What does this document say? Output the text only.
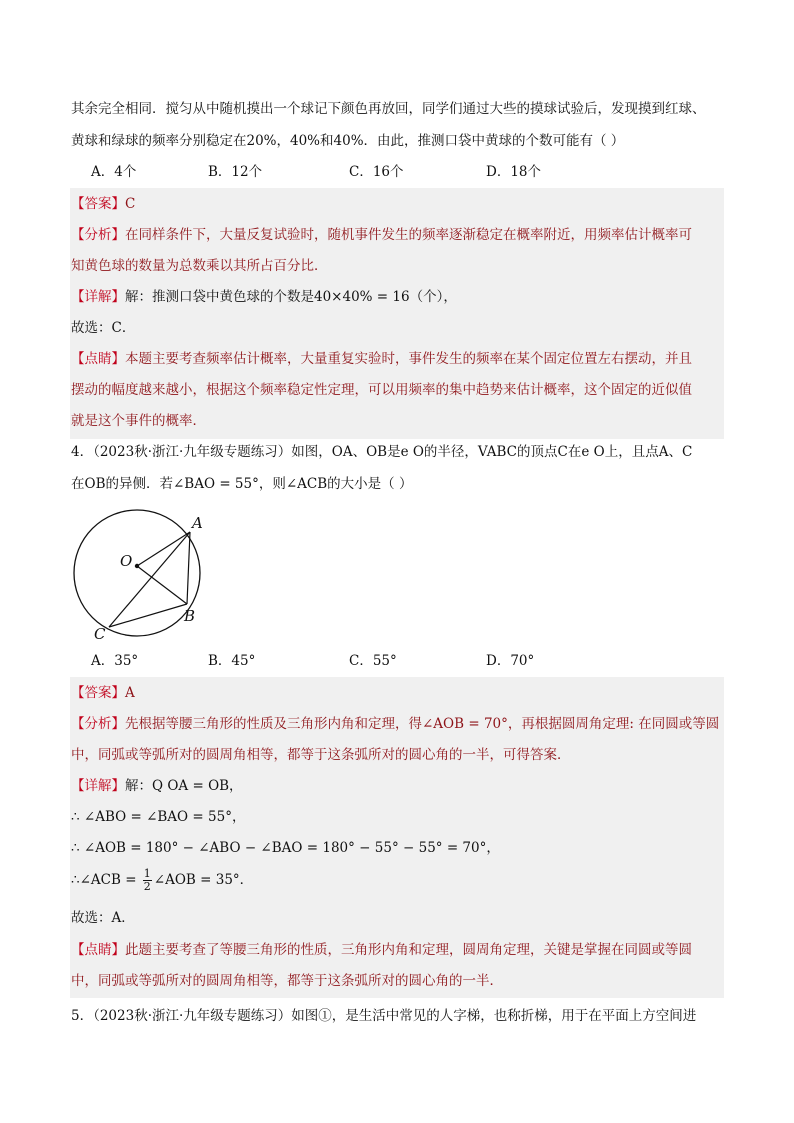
其余完全相同．搅匀从中随机摸出一个球记下颜色再放回，同学们通过大些的摸球试验后，发现摸到红球、
黄球和绿球的频率分别稳定在20%，40%和40%．由此，推测口袋中黄球的个数可能有（ ）
A．4个	B．12个	C．16个	D．18个
【答案】C
【分析】在同样条件下，大量反复试验时，随机事件发生的频率逐渐稳定在概率附近，用频率估计概率可
知黄色球的数量为总数乘以其所占百分比．
【详解】解：推测口袋中黄色球的个数是40×40% = 16（个），
故选：C．
【点睛】本题主要考查频率估计概率，大量重复实验时，事件发生的频率在某个固定位置左右摆动，并且
摆动的幅度越来越小，根据这个频率稳定性定理，可以用频率的集中趋势来估计概率，这个固定的近似值
就是这个事件的概率．
4．（2023秋·浙江·九年级专题练习）如图，OA、OB是e O的半径，VABC的顶点C在e O上，且点A、C
在OB的异侧．若∠BAO = 55°，则∠ACB的大小是（ ）
O
A
B
C
A．35°	B．45°	C．55°	D．70°
【答案】A
【分析】先根据等腰三角形的性质及三角形内角和定理，得∠AOB = 70°，再根据圆周角定理: 在同圆或等圆
中，同弧或等弧所对的圆周角相等，都等于这条弧所对的圆心角的一半，可得答案．
【详解】解：Q OA = OB，
∴ ∠ABO = ∠BAO = 55°，
∴ ∠AOB = 180° − ∠ABO − ∠BAO = 180° − 55° − 55° = 70°，
∴∠ACB = $\frac{1}{2}$ ∠AOB = 35°．
故选：A．
【点睛】此题主要考查了等腰三角形的性质，三角形内角和定理，圆周角定理，关键是掌握在同圆或等圆
中，同弧或等弧所对的圆周角相等，都等于这条弧所对的圆心角的一半．
5．（2023秋·浙江·九年级专题练习）如图①，是生活中常见的人字梯，也称折梯，用于在平面上方空间进
